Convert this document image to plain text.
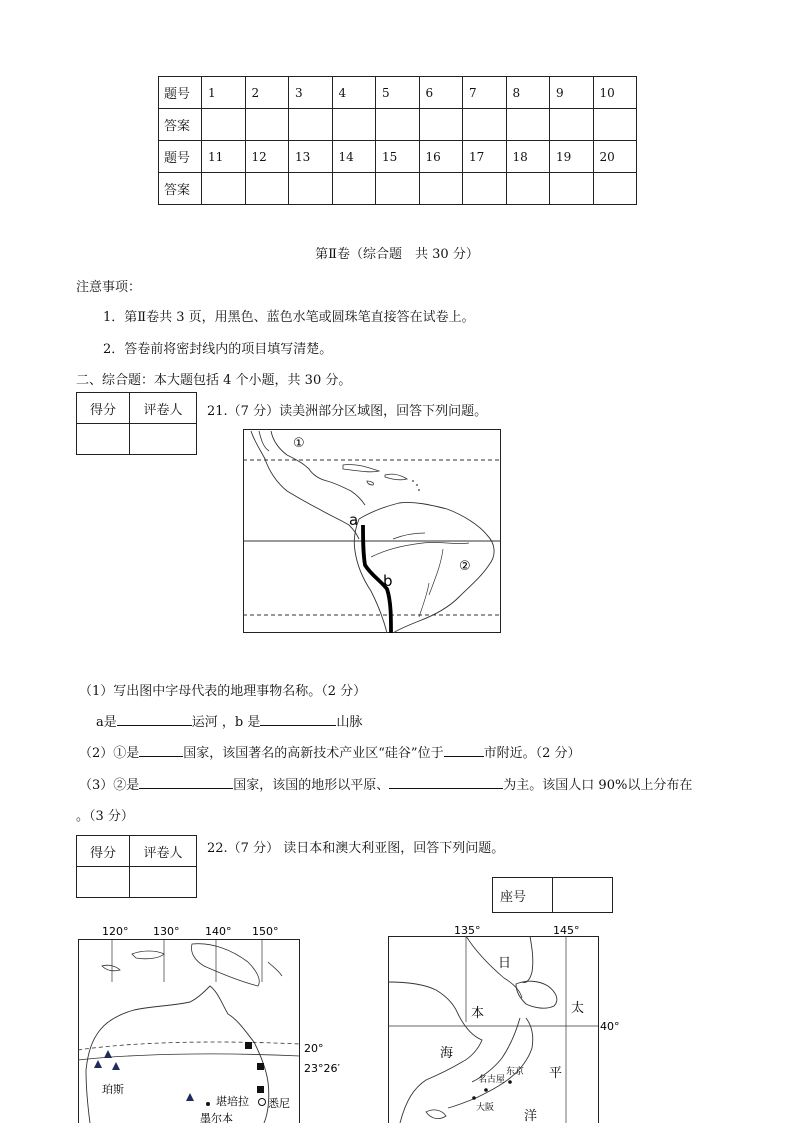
题号	1	2	3	4	5	6	7	8	9	10
答案										
题号	11	12	13	14	15	16	17	18	19	20
答案										
第Ⅱ卷（综合题　共 30 分）
注意事项：
1．第Ⅱ卷共 3 页，用黑色、蓝色水笔或圆珠笔直接答在试卷上。
2．答卷前将密封线内的项目填写清楚。
二、综合题：本大题包括 4 个小题，共 30 分。
得分	评卷人
	21.（7 分）读美洲部分区域图，回答下列问题。
a
b
①
②
（1）写出图中字母代表的地理事物名称。（2 分）
a是	运河 ，b 是	山脉
（2）①是	国家，该国著名的高新技术产业区“硅谷”位于	市附近。（2 分）
（3）②是	国家，该国的地形以平原、	为主。该国人口 90%以上分布在
。（3 分）
得分	评卷人
	22.（7 分） 读日本和澳大利亚图，回答下列问题。
座号	
120° 130° 140° 150°
20°
23°26′
珀斯
堪培拉 悉尼
墨尔本
135°	145°
40°
日
本
海
太
平
洋
东京
名古屋
大阪
